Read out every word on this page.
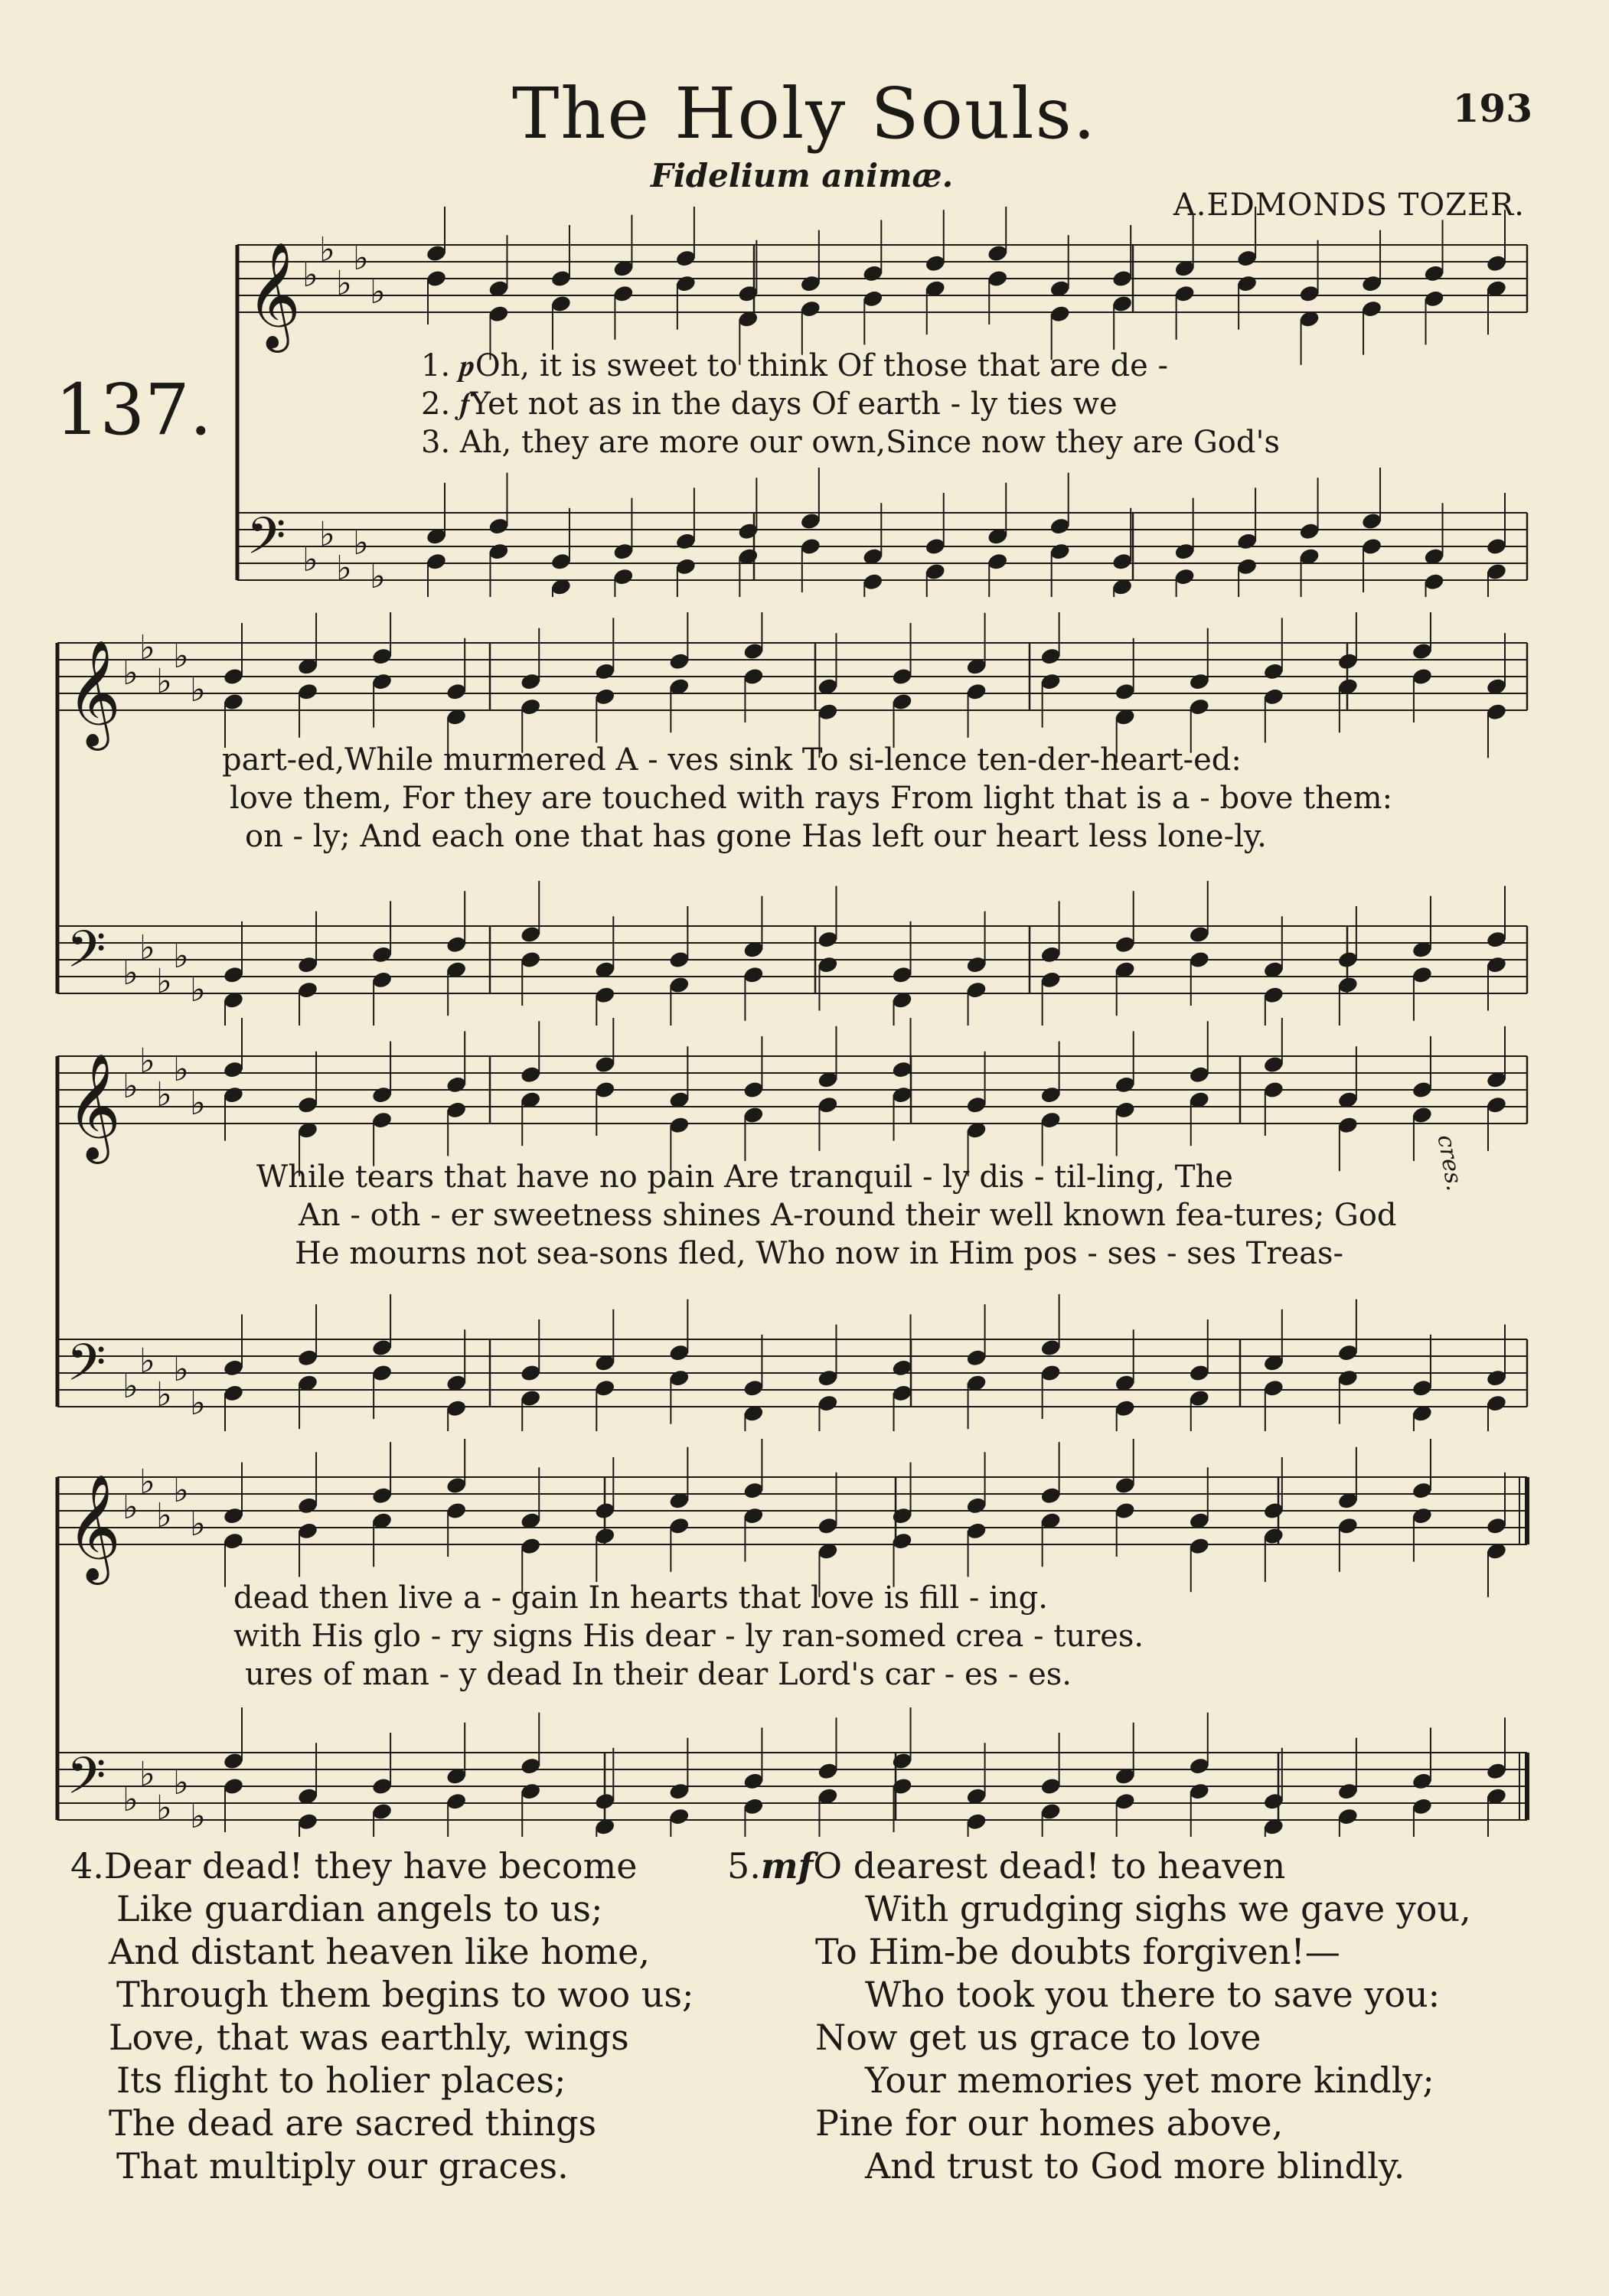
The Holy Souls.	193
Fidelium animæ.
A.EDMONDS TOZER.
137.
𝄞 ♭
♭
♭
♭
♭
𝄢 ♭
♭
♭
♭
♭
1. 𝆏Oh, it is sweet to think Of those that are de -
2. 𝆑Yet not as in the days Of earth - ly ties we
3. Ah, they are more our own,Since now they are God's
𝄞 ♭
♭
♭
♭
♭
𝄢 ♭
♭
♭
♭
♭
part-ed,While murmered A - ves sink To si-lence ten-der-heart-ed:
love them, For they are touched with rays From light that is a - bove them:
on - ly; And each one that has gone Has left our heart less lone-ly.
𝄞 ♭
♭
♭
♭
♭
𝄢 ♭
♭
♭
♭
♭
While tears that have no pain Are tranquil - ly dis - til-ling, The
An - oth - er sweetness shines A-round their well known fea-tures; God
He mourns not sea-sons fled, Who now in Him pos - ses - ses Treas-
cres.
𝄞 ♭
♭
♭
♭
♭
𝄢 ♭
♭
♭
♭
♭
dead then live a - gain In hearts that love is fill - ing.
with His glo - ry signs His dear - ly ran-somed crea - tures.
ures of man - y dead In their dear Lord's car - es - es.
4.Dear dead! they have become
Like guardian angels to us;
And distant heaven like home,
Through them begins to woo us;
Love, that was earthly, wings
Its flight to holier places;
The dead are sacred things
That multiply our graces.
5.mfO dearest dead! to heaven
With grudging sighs we gave you,
To Him-be doubts forgiven!—
Who took you there to save you:
Now get us grace to love
Your memories yet more kindly;
Pine for our homes above,
And trust to God more blindly.
